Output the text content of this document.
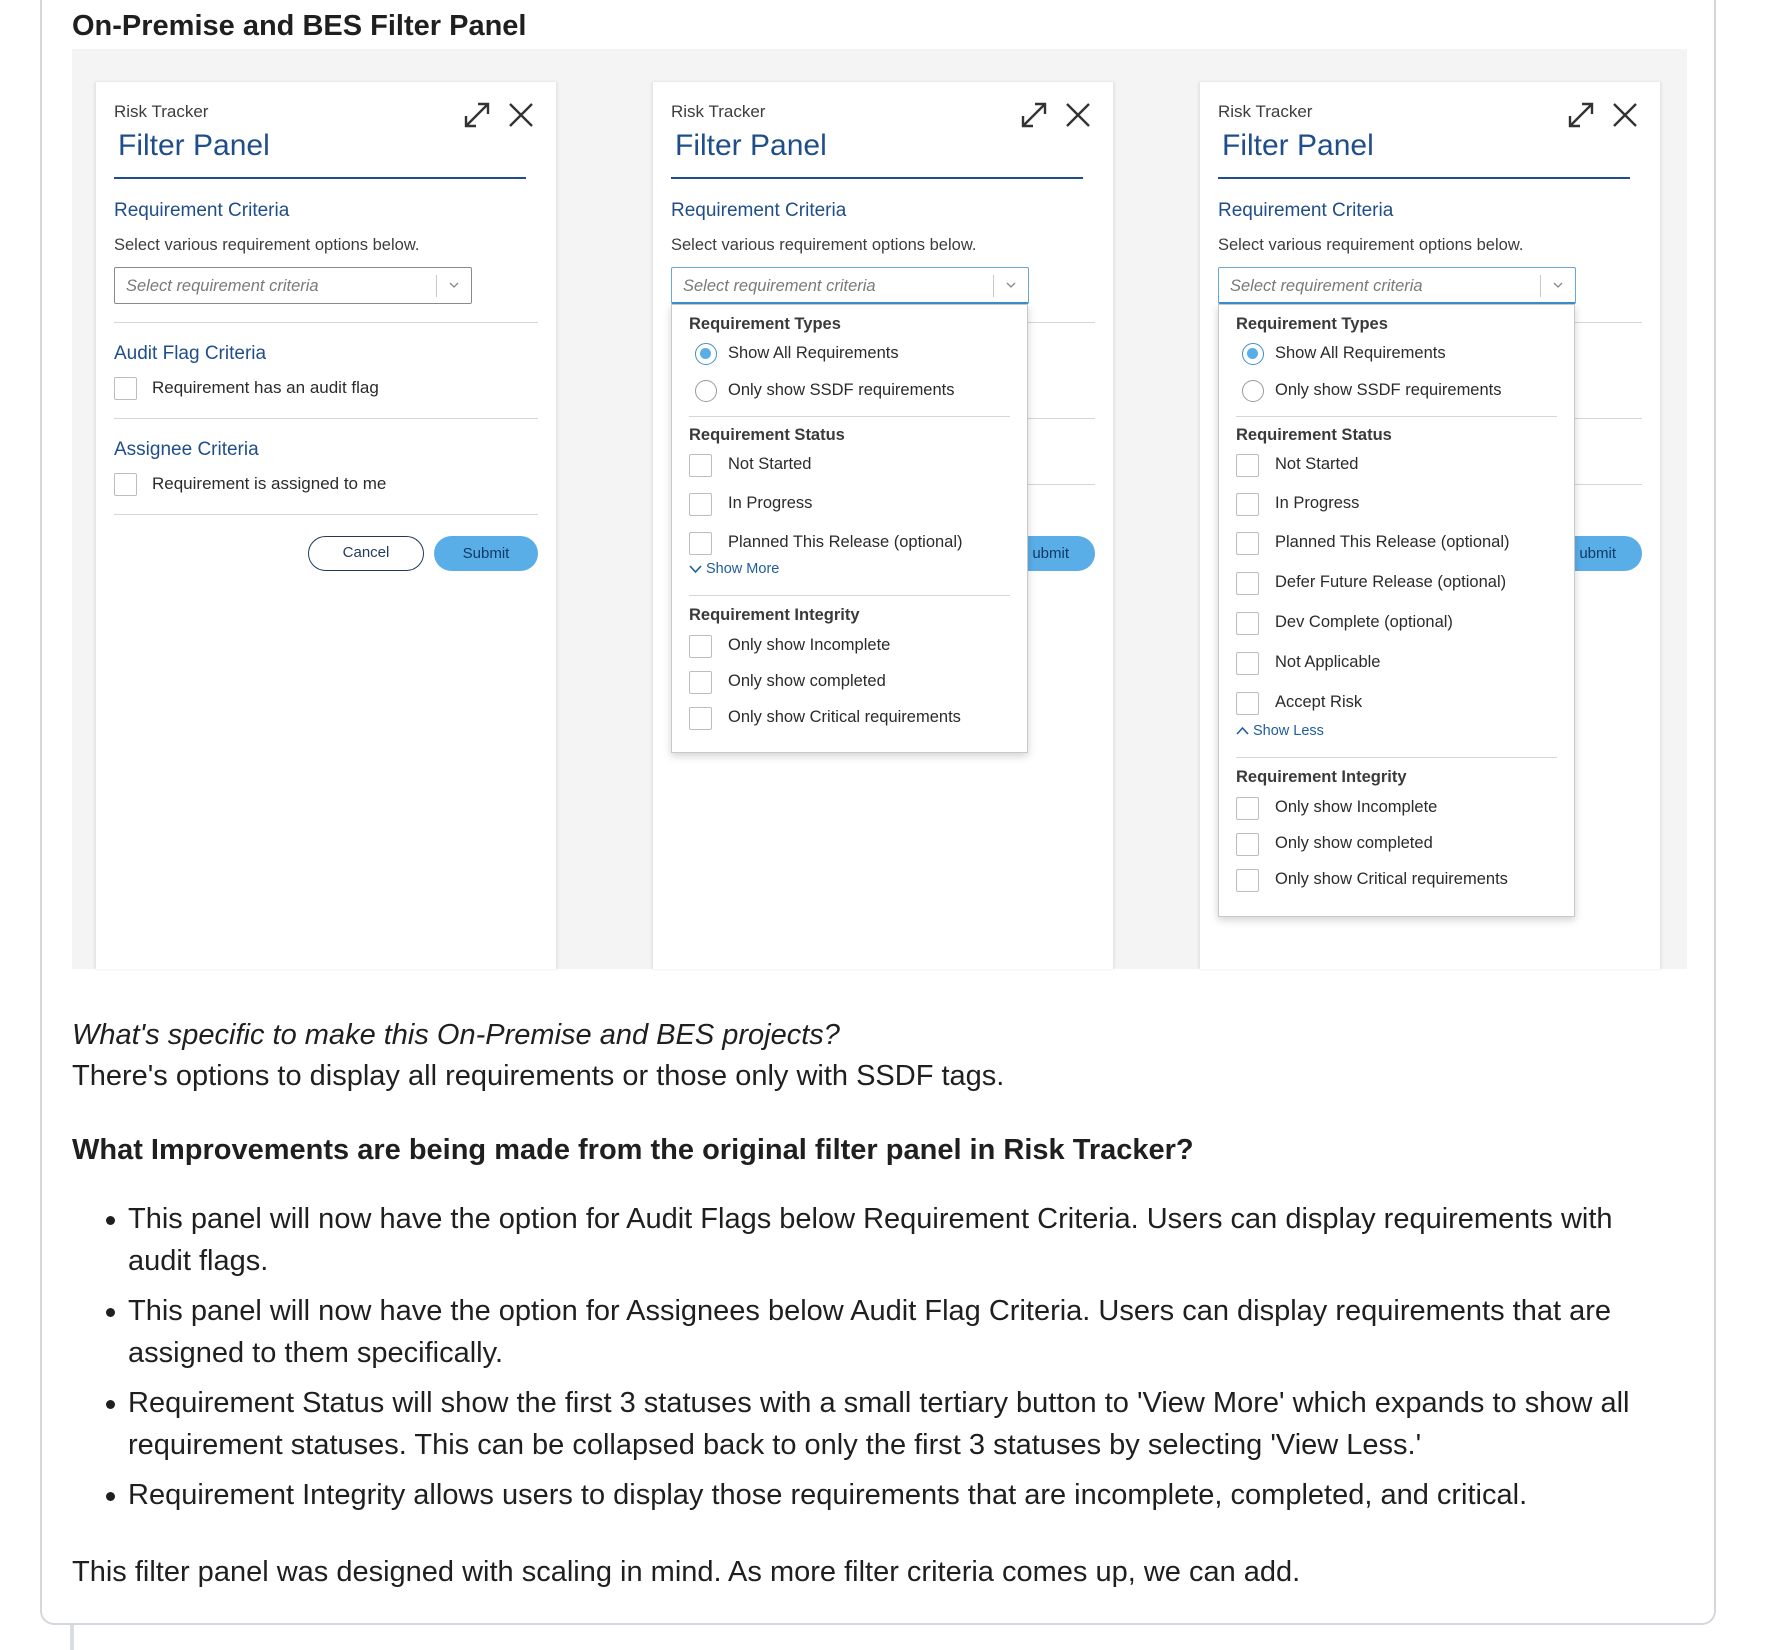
On-Premise and BES Filter Panel
Risk Tracker
Filter Panel
Requirement Criteria
Select various requirement options below.
Select requirement criteria
Audit Flag Criteria
Requirement has an audit flag
Assignee Criteria
Requirement is assigned to me
Cancel	Submit
Risk Tracker
Filter Panel
Requirement Criteria
Select various requirement options below.
ubmit
Select requirement criteria
Requirement Types
Show All Requirements
Only show SSDF requirements
Requirement Status
Not Started
In Progress
Planned This Release (optional)
Show More
Requirement Integrity
Only show Incomplete
Only show completed
Only show Critical requirements
Risk Tracker
Filter Panel
Requirement Criteria
Select various requirement options below.
ubmit
Select requirement criteria
Requirement Types
Show All Requirements
Only show SSDF requirements
Requirement Status
Not Started
In Progress
Planned This Release (optional)
Defer Future Release (optional)
Dev Complete (optional)
Not Applicable
Accept Risk
Show Less
Requirement Integrity
Only show Incomplete
Only show completed
Only show Critical requirements
What's specific to make this On-Premise and BES projects?
There's options to display all requirements or those only with SSDF tags.
What Improvements are being made from the original filter panel in Risk Tracker?
This panel will now have the option for Audit Flags below Requirement Criteria. Users can display requirements with audit flags.
This panel will now have the option for Assignees below Audit Flag Criteria. Users can display requirements that are assigned to them specifically.
Requirement Status will show the first 3 statuses with a small tertiary button to 'View More' which expands to show all requirement statuses. This can be collapsed back to only the first 3 statuses by selecting 'View Less.'
Requirement Integrity allows users to display those requirements that are incomplete, completed, and critical.
This filter panel was designed with scaling in mind. As more filter criteria comes up, we can add.
